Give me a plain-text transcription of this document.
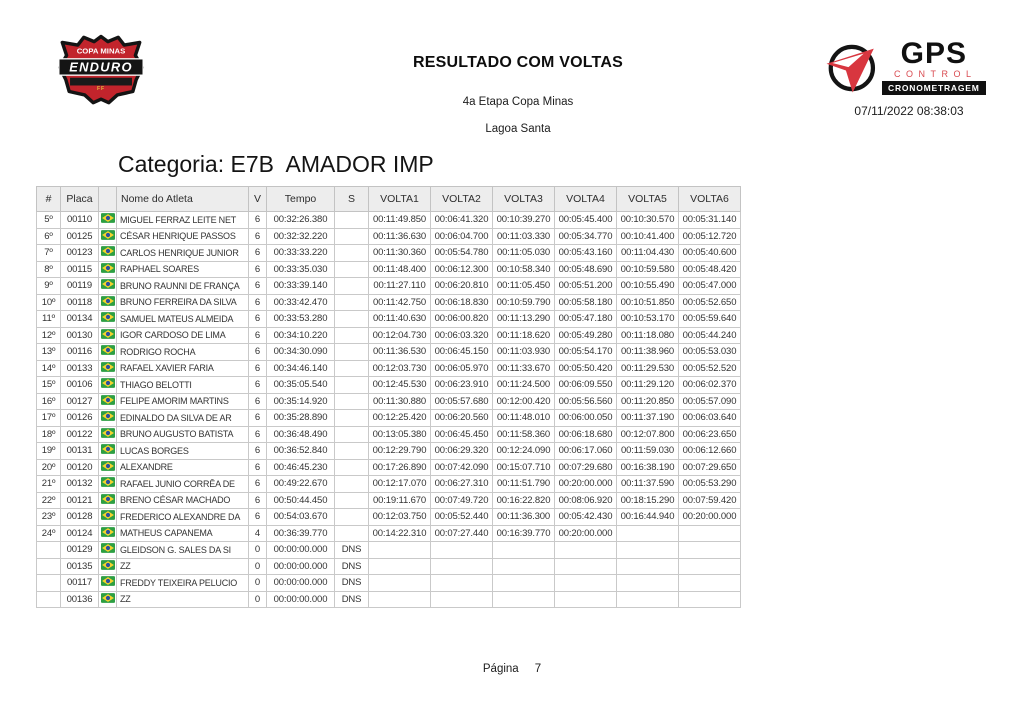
COPA MINAS
ENDURO
FF
RESULTADO COM VOLTAS
4a Etapa Copa Minas
Lagoa Santa
GPS
CONTROL
CRONOMETRAGEM
07/11/2022 08:38:03
Categoria: E7B  AMADOR IMP
#	Placa		Nome do Atleta	V	Tempo	S	VOLTA1	VOLTA2	VOLTA3	VOLTA4	VOLTA5	VOLTA6
5º	00110		MIGUEL FERRAZ LEITE NET	6	00:32:26.380		00:11:49.850	00:06:41.320	00:10:39.270	00:05:45.400	00:10:30.570	00:05:31.140
6º	00125		CÉSAR HENRIQUE PASSOS	6	00:32:32.220		00:11:36.630	00:06:04.700	00:11:03.330	00:05:34.770	00:10:41.400	00:05:12.720
7º	00123		CARLOS HENRIQUE JUNIOR	6	00:33:33.220		00:11:30.360	00:05:54.780	00:11:05.030	00:05:43.160	00:11:04.430	00:05:40.600
8º	00115		RAPHAEL SOARES	6	00:33:35.030		00:11:48.400	00:06:12.300	00:10:58.340	00:05:48.690	00:10:59.580	00:05:48.420
9º	00119		BRUNO RAUNNI DE FRANÇA	6	00:33:39.140		00:11:27.110	00:06:20.810	00:11:05.450	00:05:51.200	00:10:55.490	00:05:47.000
10º	00118		BRUNO FERREIRA DA SILVA	6	00:33:42.470		00:11:42.750	00:06:18.830	00:10:59.790	00:05:58.180	00:10:51.850	00:05:52.650
11º	00134		SAMUEL MATEUS ALMEIDA	6	00:33:53.280		00:11:40.630	00:06:00.820	00:11:13.290	00:05:47.180	00:10:53.170	00:05:59.640
12º	00130		IGOR CARDOSO DE LIMA	6	00:34:10.220		00:12:04.730	00:06:03.320	00:11:18.620	00:05:49.280	00:11:18.080	00:05:44.240
13º	00116		RODRIGO ROCHA	6	00:34:30.090		00:11:36.530	00:06:45.150	00:11:03.930	00:05:54.170	00:11:38.960	00:05:53.030
14º	00133		RAFAEL XAVIER FARIA	6	00:34:46.140		00:12:03.730	00:06:05.970	00:11:33.670	00:05:50.420	00:11:29.530	00:05:52.520
15º	00106		THIAGO BELOTTI	6	00:35:05.540		00:12:45.530	00:06:23.910	00:11:24.500	00:06:09.550	00:11:29.120	00:06:02.370
16º	00127		FELIPE AMORIM MARTINS	6	00:35:14.920		00:11:30.880	00:05:57.680	00:12:00.420	00:05:56.560	00:11:20.850	00:05:57.090
17º	00126		EDINALDO DA SILVA DE AR	6	00:35:28.890		00:12:25.420	00:06:20.560	00:11:48.010	00:06:00.050	00:11:37.190	00:06:03.640
18º	00122		BRUNO AUGUSTO BATISTA	6	00:36:48.490		00:13:05.380	00:06:45.450	00:11:58.360	00:06:18.680	00:12:07.800	00:06:23.650
19º	00131		LUCAS BORGES	6	00:36:52.840		00:12:29.790	00:06:29.320	00:12:24.090	00:06:17.060	00:11:59.030	00:06:12.660
20º	00120		ALEXANDRE	6	00:46:45.230		00:17:26.890	00:07:42.090	00:15:07.710	00:07:29.680	00:16:38.190	00:07:29.650
21º	00132		RAFAEL JUNIO CORRÊA DE	6	00:49:22.670		00:12:17.070	00:06:27.310	00:11:51.790	00:20:00.000	00:11:37.590	00:05:53.290
22º	00121		BRENO CÉSAR MACHADO	6	00:50:44.450		00:19:11.670	00:07:49.720	00:16:22.820	00:08:06.920	00:18:15.290	00:07:59.420
23º	00128		FREDERICO ALEXANDRE DA	6	00:54:03.670		00:12:03.750	00:05:52.440	00:11:36.300	00:05:42.430	00:16:44.940	00:20:00.000
24º	00124		MATHEUS CAPANEMA	4	00:36:39.770		00:14:22.310	00:07:27.440	00:16:39.770	00:20:00.000		
	00129		GLEIDSON G. SALES DA SI	0	00:00:00.000	DNS						
	00135		ZZ	0	00:00:00.000	DNS						
	00117		FREDDY TEIXEIRA PELUCIO	0	00:00:00.000	DNS						
	00136		ZZ	0	00:00:00.000	DNS						
Página 7
